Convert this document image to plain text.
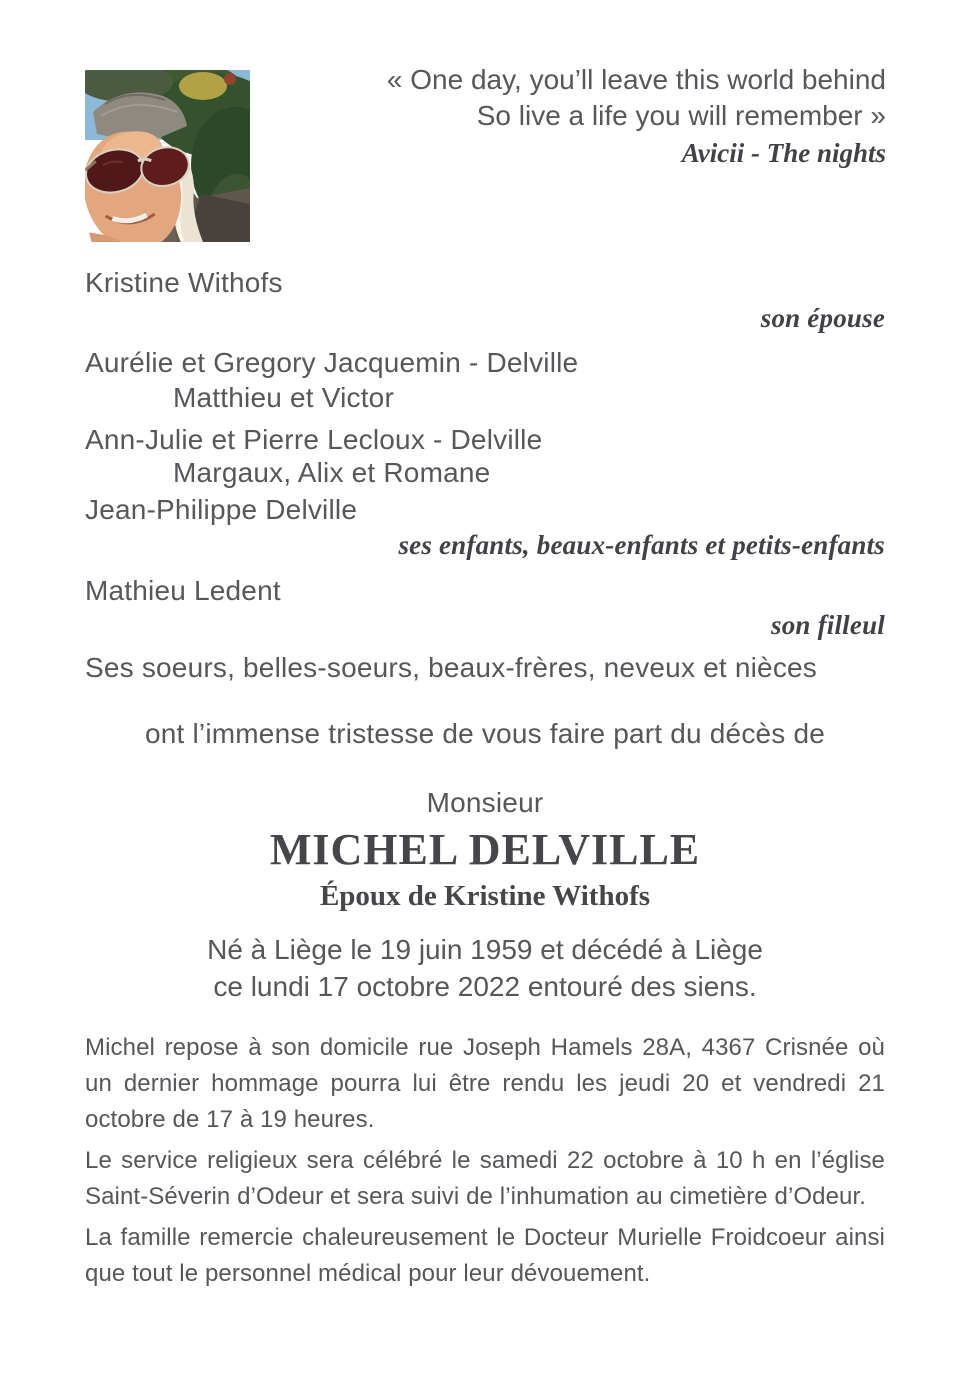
« One day, you’ll leave this world behind
So live a life you will remember »
Avicii - The nights
Kristine Withofs
son épouse
Aurélie et Gregory Jacquemin - Delville
Matthieu et Victor
Ann-Julie et Pierre Lecloux - Delville
Margaux, Alix et Romane
Jean-Philippe Delville
ses enfants, beaux-enfants et petits-enfants
Mathieu Ledent
son filleul
Ses soeurs, belles-soeurs, beaux-frères, neveux et nièces
ont l’immense tristesse de vous faire part du décès de
Monsieur
MICHEL DELVILLE
Époux de Kristine Withofs
Né à Liège le 19 juin 1959 et décédé à Liège
ce lundi 17 octobre 2022 entouré des siens.

Michel repose à son domicile rue Joseph Hamels 28A, 4367 Crisnée où un dernier hommage pourra lui être rendu les jeudi 20 et vendredi 21 octobre de 17 à 19 heures.

Le service religieux sera célébré le samedi 22 octobre à 10 h en l’église Saint-Séverin d’Odeur et sera suivi de l’inhumation au cimetière d’Odeur.

La famille remercie chaleureusement le Docteur Murielle Froidcoeur ainsi que tout le personnel médical pour leur dévouement.
